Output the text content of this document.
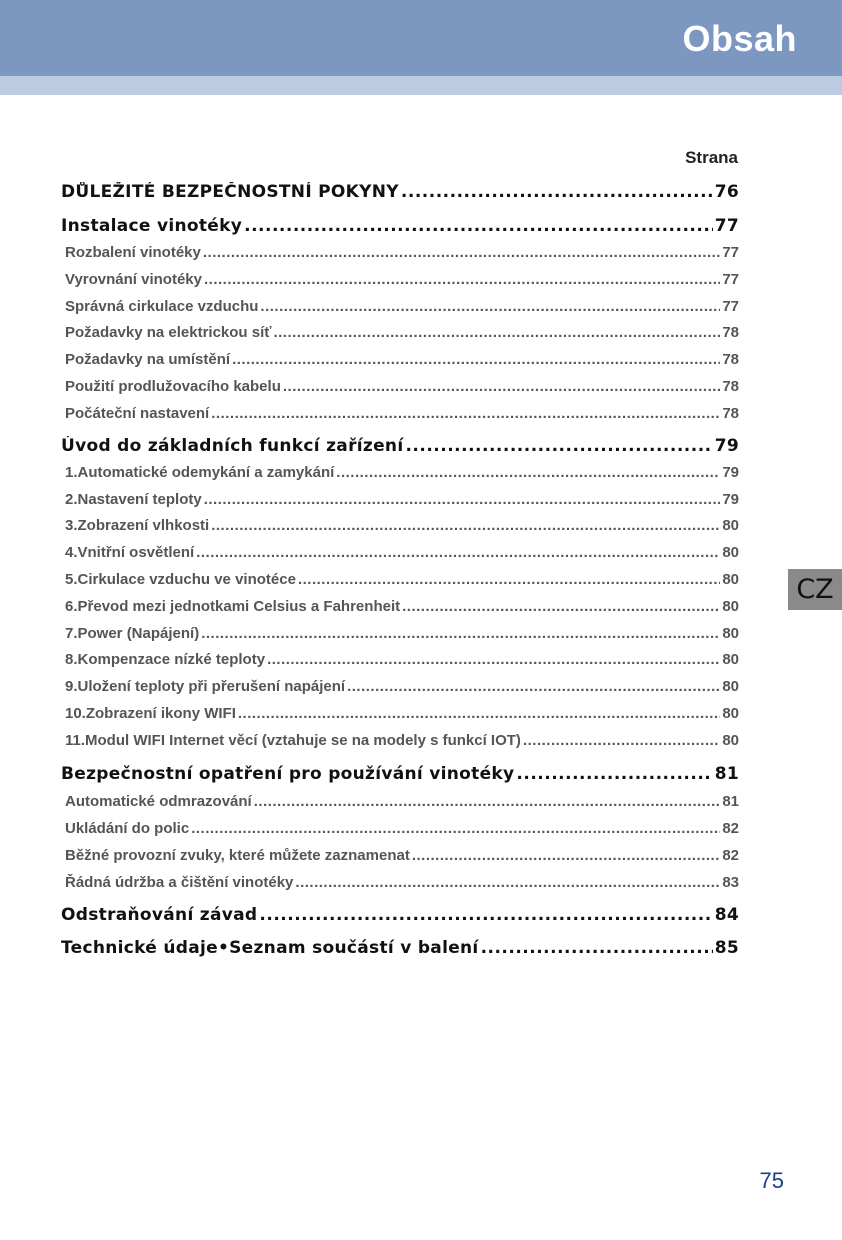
Obsah
Strana
DŮLEŽITÉ BEZPEČNOSTNÍ POKYNY .....	76
Instalace vinotéky .....	77
Rozbalení vinotéky .....	77
Vyrovnání vinotéky .....	77
Správná cirkulace vzduchu .....	77
Požadavky na elektrickou síť .....	78
Požadavky na umístění .....	78
Použití prodlužovacího kabelu .....	78
Počáteční nastavení .....	78
Úvod do základních funkcí zařízení .....	79
1.Automatické odemykání a zamykání .....	79
2.Nastavení teploty .....	79
3.Zobrazení vlhkosti .....	80
4.Vnitřní osvětlení .....	80
5.Cirkulace vzduchu ve vinotéce .....	80
6.Převod mezi jednotkami Celsius a Fahrenheit .....	80
7.Power (Napájení) .....	80
8.Kompenzace nízké teploty .....	80
9.Uložení teploty při přerušení napájení .....	80
10.Zobrazení ikony WIFI .....	80
11.Modul WIFI Internet věcí (vztahuje se na modely s funkcí IOT) .....	80
Bezpečnostní opatření pro používání vinotéky .....	81
Automatické odmrazování .....	81
Ukládání do polic .....	82
Běžné provozní zvuky, které můžete zaznamenat .....	82
Řádná údržba a čištění vinotéky .....	83
Odstraňování závad .....	84
Technické údaje•Seznam součástí v balení .....	85
CZ
75
